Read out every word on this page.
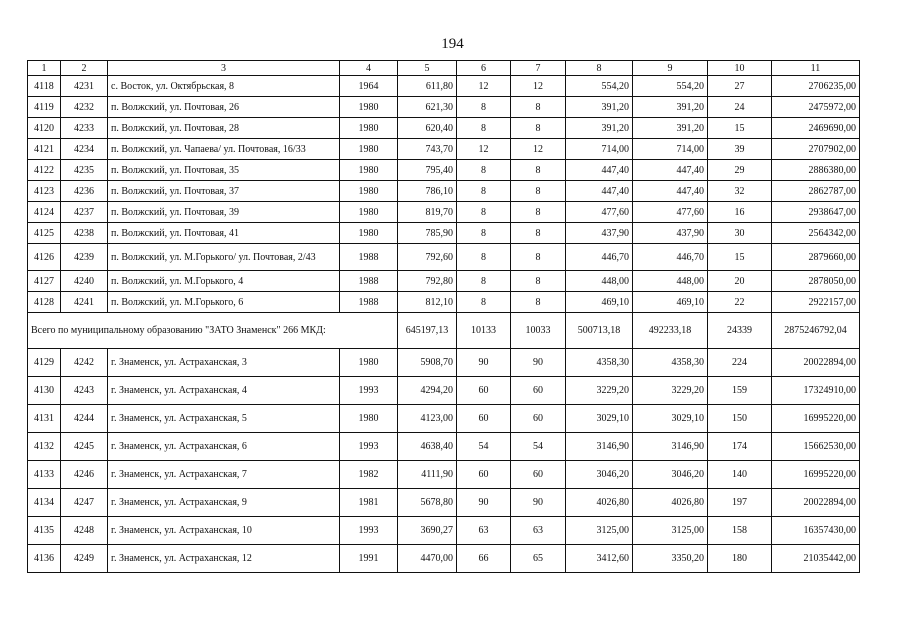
194
1	2	3	4	5	6	7	8	9	10	11
4118	4231	с. Восток, ул. Октябрьская, 8	1964	611,80	12	12	554,20	554,20	27	2706235,00
4119	4232	п. Волжский, ул. Почтовая, 26	1980	621,30	8	8	391,20	391,20	24	2475972,00
4120	4233	п. Волжский, ул. Почтовая, 28	1980	620,40	8	8	391,20	391,20	15	2469690,00
4121	4234	п. Волжский, ул. Чапаева/ ул. Почтовая, 16/33	1980	743,70	12	12	714,00	714,00	39	2707902,00
4122	4235	п. Волжский, ул. Почтовая, 35	1980	795,40	8	8	447,40	447,40	29	2886380,00
4123	4236	п. Волжский, ул. Почтовая, 37	1980	786,10	8	8	447,40	447,40	32	2862787,00
4124	4237	п. Волжский, ул. Почтовая, 39	1980	819,70	8	8	477,60	477,60	16	2938647,00
4125	4238	п. Волжский, ул. Почтовая, 41	1980	785,90	8	8	437,90	437,90	30	2564342,00
4126	4239	п. Волжский, ул. М.Горького/ ул. Почтовая, 2/43	1988	792,60	8	8	446,70	446,70	15	2879660,00
4127	4240	п. Волжский, ул. М.Горького, 4	1988	792,80	8	8	448,00	448,00	20	2878050,00
4128	4241	п. Волжский, ул. М.Горького, 6	1988	812,10	8	8	469,10	469,10	22	2922157,00
Всего по муниципальному образованию "ЗАТО Знаменск" 266 МКД:				645197,13	10133	10033	500713,18	492233,18	24339	2875246792,04
4129	4242	г. Знаменск, ул. Астраханская, 3	1980	5908,70	90	90	4358,30	4358,30	224	20022894,00
4130	4243	г. Знаменск, ул. Астраханская, 4	1993	4294,20	60	60	3229,20	3229,20	159	17324910,00
4131	4244	г. Знаменск, ул. Астраханская, 5	1980	4123,00	60	60	3029,10	3029,10	150	16995220,00
4132	4245	г. Знаменск, ул. Астраханская, 6	1993	4638,40	54	54	3146,90	3146,90	174	15662530,00
4133	4246	г. Знаменск, ул. Астраханская, 7	1982	4111,90	60	60	3046,20	3046,20	140	16995220,00
4134	4247	г. Знаменск, ул. Астраханская, 9	1981	5678,80	90	90	4026,80	4026,80	197	20022894,00
4135	4248	г. Знаменск, ул. Астраханская, 10	1993	3690,27	63	63	3125,00	3125,00	158	16357430,00
4136	4249	г. Знаменск, ул. Астраханская, 12	1991	4470,00	66	65	3412,60	3350,20	180	21035442,00
